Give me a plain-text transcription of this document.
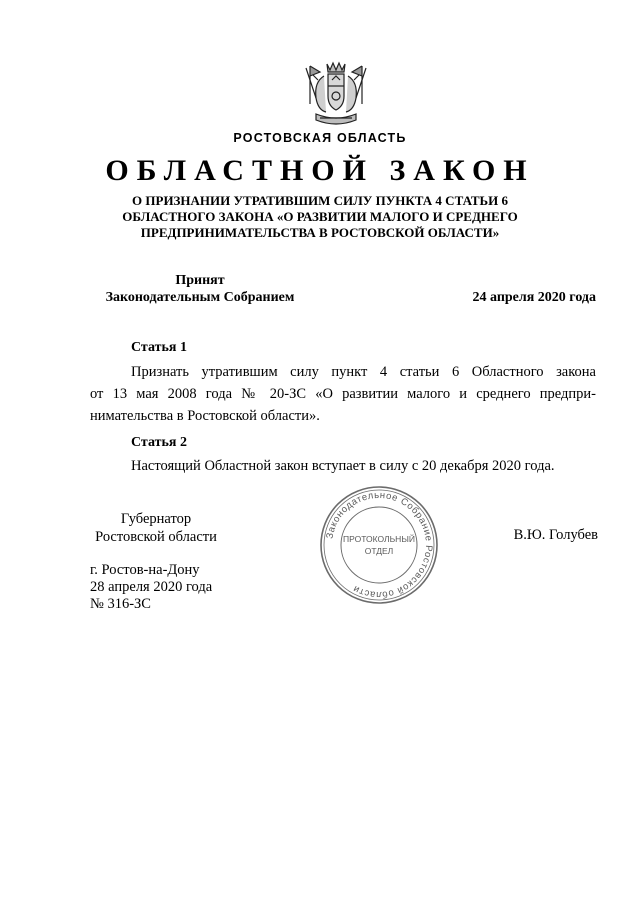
РОСТОВСКАЯ ОБЛАСТЬ
ОБЛАСТНОЙ ЗАКОН
О ПРИЗНАНИИ УТРАТИВШИМ СИЛУ ПУНКТА 4 СТАТЬИ 6
ОБЛАСТНОГО ЗАКОНА «О РАЗВИТИИ МАЛОГО И СРЕДНЕГО
ПРЕДПРИНИМАТЕЛЬСТВА В РОСТОВСКОЙ ОБЛАСТИ»
Принят
Законодательным Собранием	24 апреля 2020 года
Статья 1
Признать утратившим силу пункт 4 статьи 6 Областного закона
от 13 мая 2008 года № 20-ЗС «О развитии малого и среднего предпри-
нимательства в Ростовской области».
Статья 2
Настоящий Областной закон вступает в силу с 20 декабря 2020 года.
Губернатор
Ростовской области	Законодательное Собрание Ростовской области
ПРОТОКОЛЬНЫЙ
ОТДЕЛ
В.Ю. Голубев
г. Ростов-на-Дону
28 апреля 2020 года
№ 316-ЗС
